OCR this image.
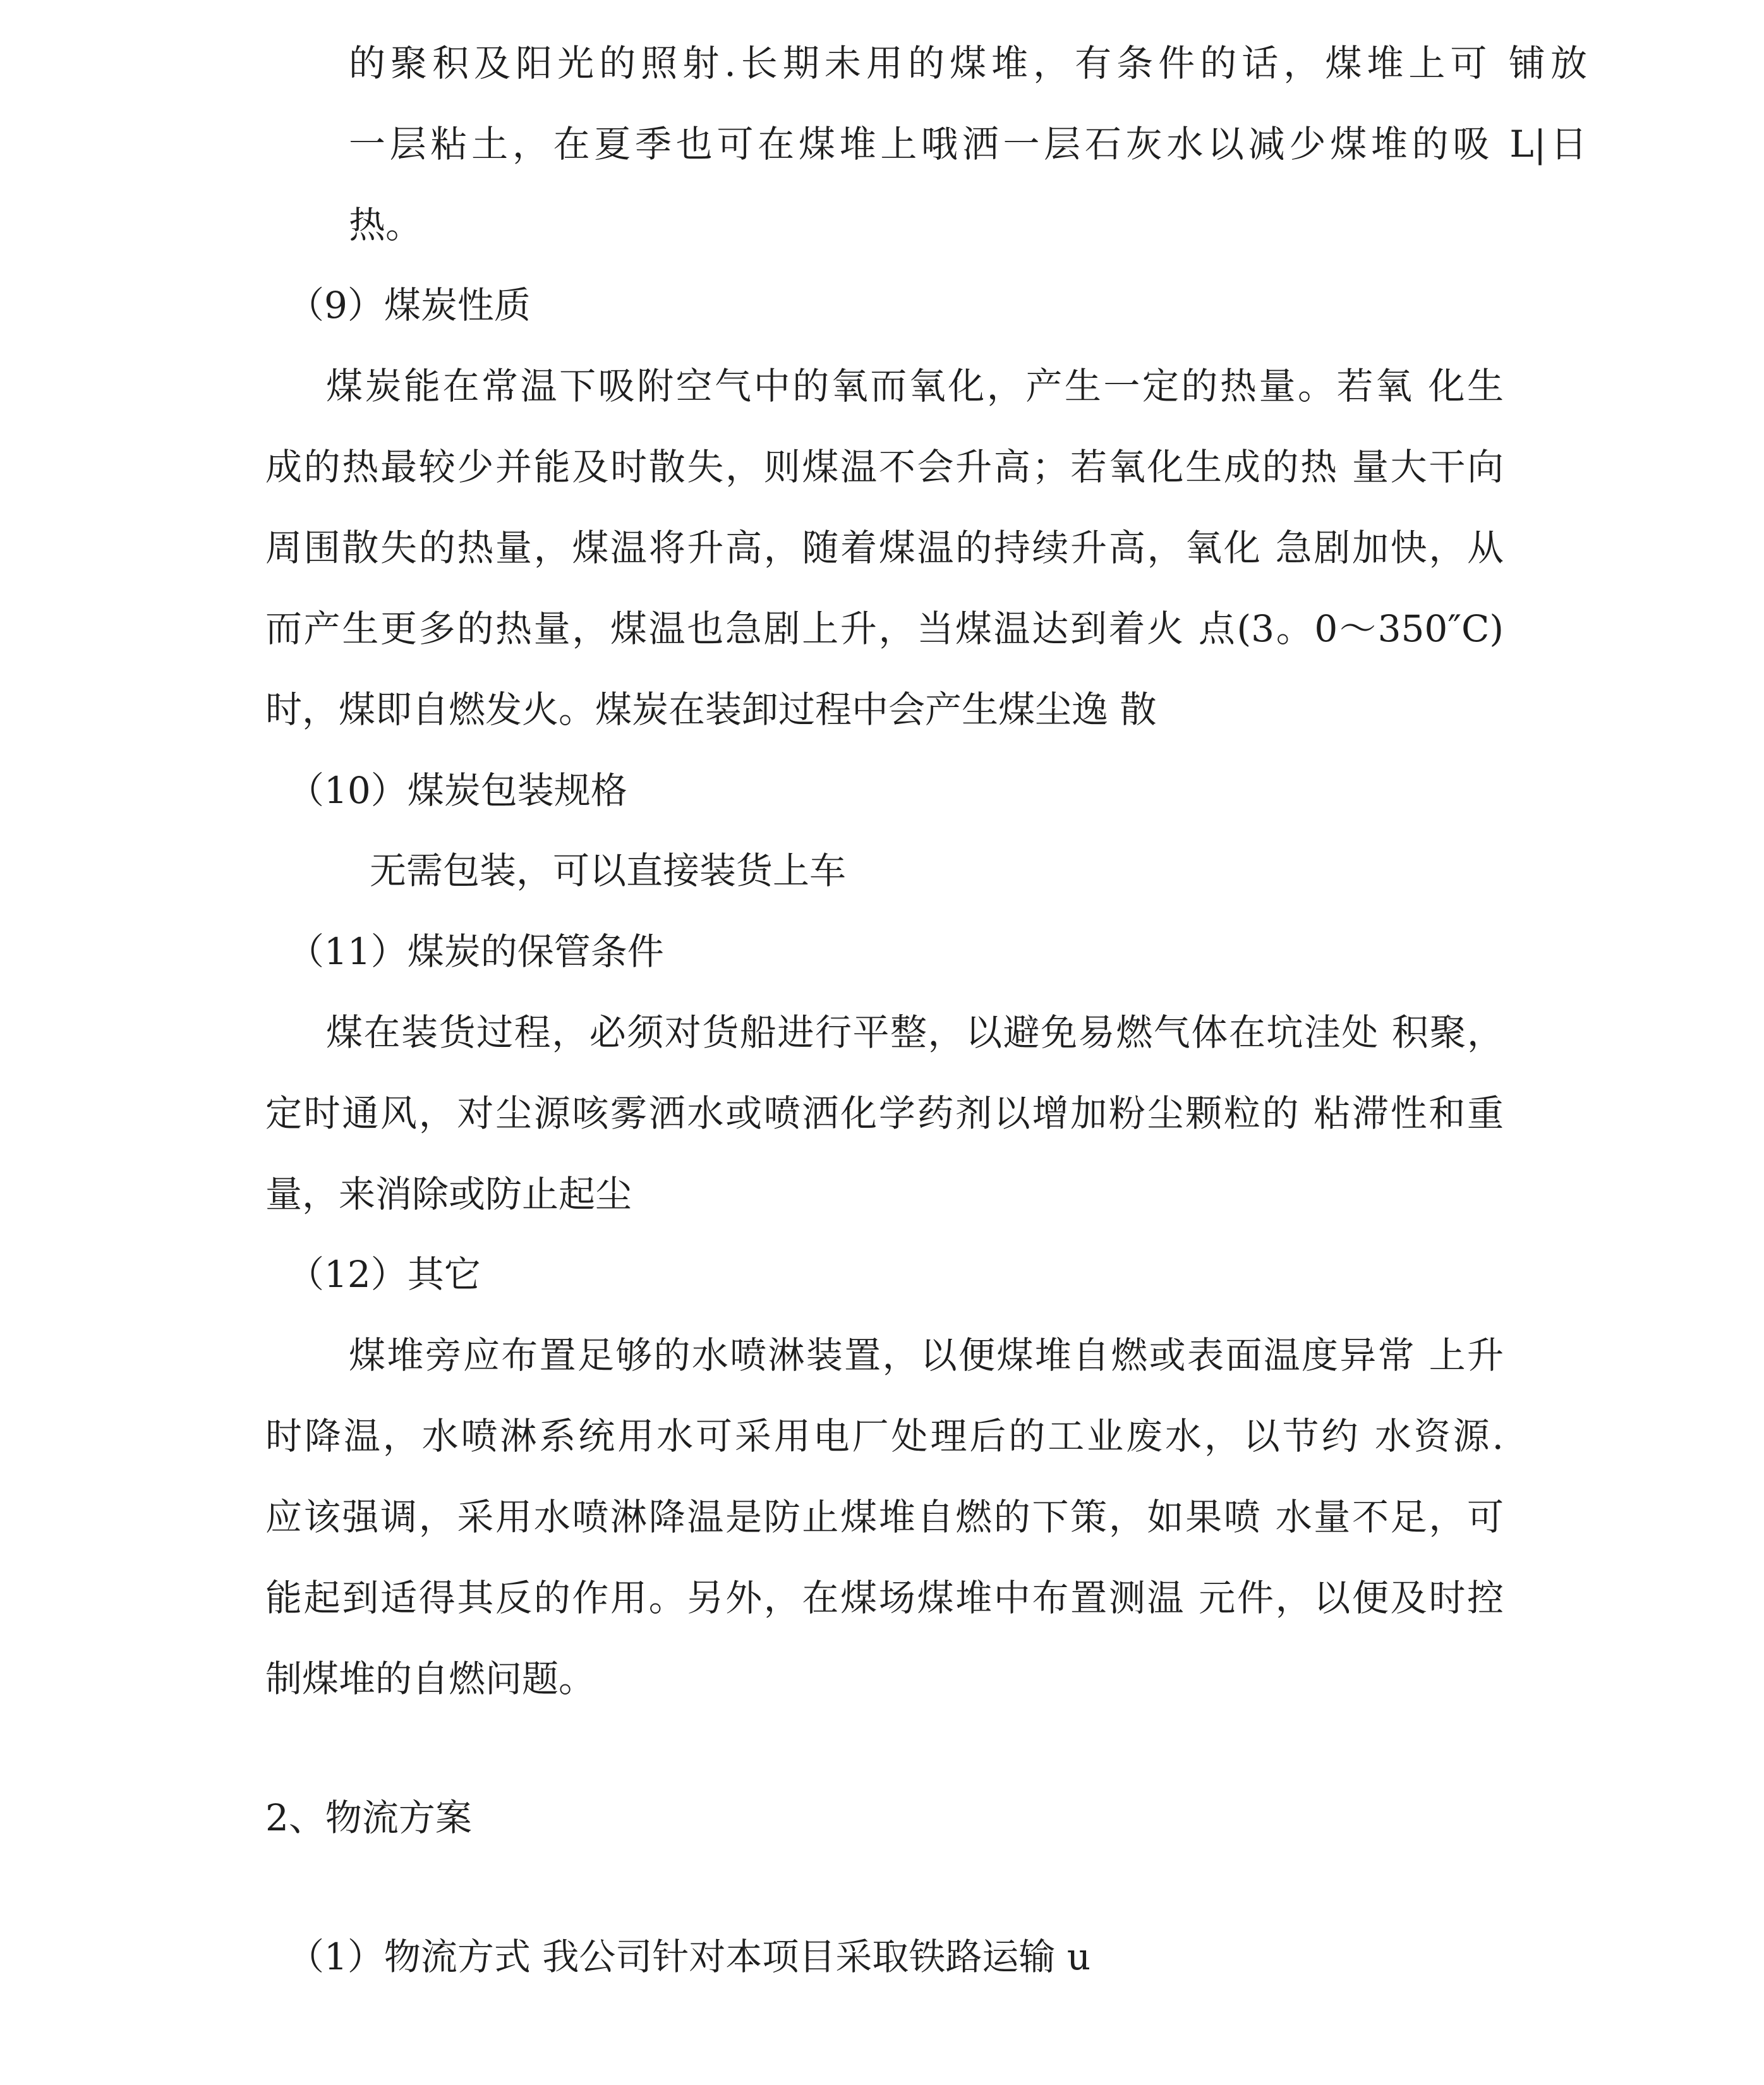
的聚积及阳光的照射.长期未用的煤堆，有条件的话，煤堆上可 铺放
一层粘土，在夏季也可在煤堆上哦洒一层石灰水以减少煤堆的吸 L|日
热。
（9）煤炭性质
煤炭能在常温下吸附空气中的氧而氧化，产生一定的热量。若氧 化生
成的热最较少并能及时散失，则煤温不会升高；若氧化生成的热 量大干向
周围散失的热量，煤温将升高，随着煤温的持续升高，氧化 急剧加快，从
而产生更多的热量，煤温也急剧上升，当煤温达到着火 点(3。0〜350″C)
时，煤即自燃发火。煤炭在装卸过程中会产生煤尘逸 散
（10）煤炭包装规格
无需包装，可以直接装货上车
（11）煤炭的保管条件
煤在装货过程，必须对货船进行平整，以避免易燃气体在坑洼处 积聚，
定时通风，对尘源咳雾洒水或喷洒化学药剂以增加粉尘颗粒的 粘滞性和重
量，来消除或防止起尘
（12）其它
煤堆旁应布置足够的水喷淋装置，以便煤堆自燃或表面温度异常 上升
时降温，水喷淋系统用水可采用电厂处理后的工业废水，以节约 水资源.
应该强调，采用水喷淋降温是防止煤堆自燃的下策，如果喷 水量不足，可
能起到适得其反的作用。另外，在煤场煤堆中布置测温 元件，以便及时控
制煤堆的自燃问题。
2、物流方案
（1）物流方式 我公司针对本项目采取铁路运输 u
